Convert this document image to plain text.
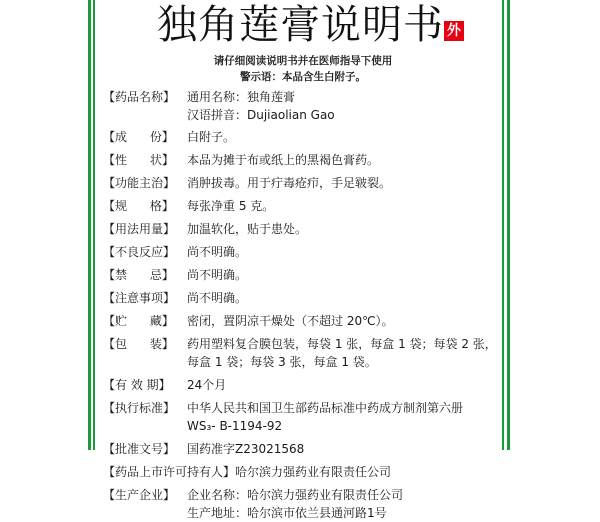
独角莲膏说明书 外
请仔细阅读说明书并在医师指导下使用
警示语：本品含生白附子。
【药品名称】 通用名称：独角莲膏
汉语拼音：Dujiaolian Gao
【成      份】 白附子。
【性      状】 本品为摊于布或纸上的黑褐色膏药。
【功能主治】 消肿拔毒。用于疔毒疮疖，手足皲裂。
【规      格】 每张净重 5 克。
【用法用量】 加温软化，贴于患处。
【不良反应】 尚不明确。
【禁      忌】 尚不明确。
【注意事项】 尚不明确。
【贮      藏】 密闭，置阴凉干燥处（不超过 20℃）。
【包      装】 药用塑料复合膜包装，每袋 1 张，每盒 1 袋；每袋 2 张，
每盒 1 袋；每袋 3 张，每盒 1 袋。
【有 效 期】 24个月
【执行标准】 中华人民共和国卫生部药品标准中药成方制剂第六册
WS₃- B-1194-92
【批准文号】 国药准字Z23021568
【药品上市许可持有人】 哈尔滨力强药业有限责任公司
【生产企业】 企业名称：哈尔滨力强药业有限责任公司
生产地址：哈尔滨市依兰县通河路1号
